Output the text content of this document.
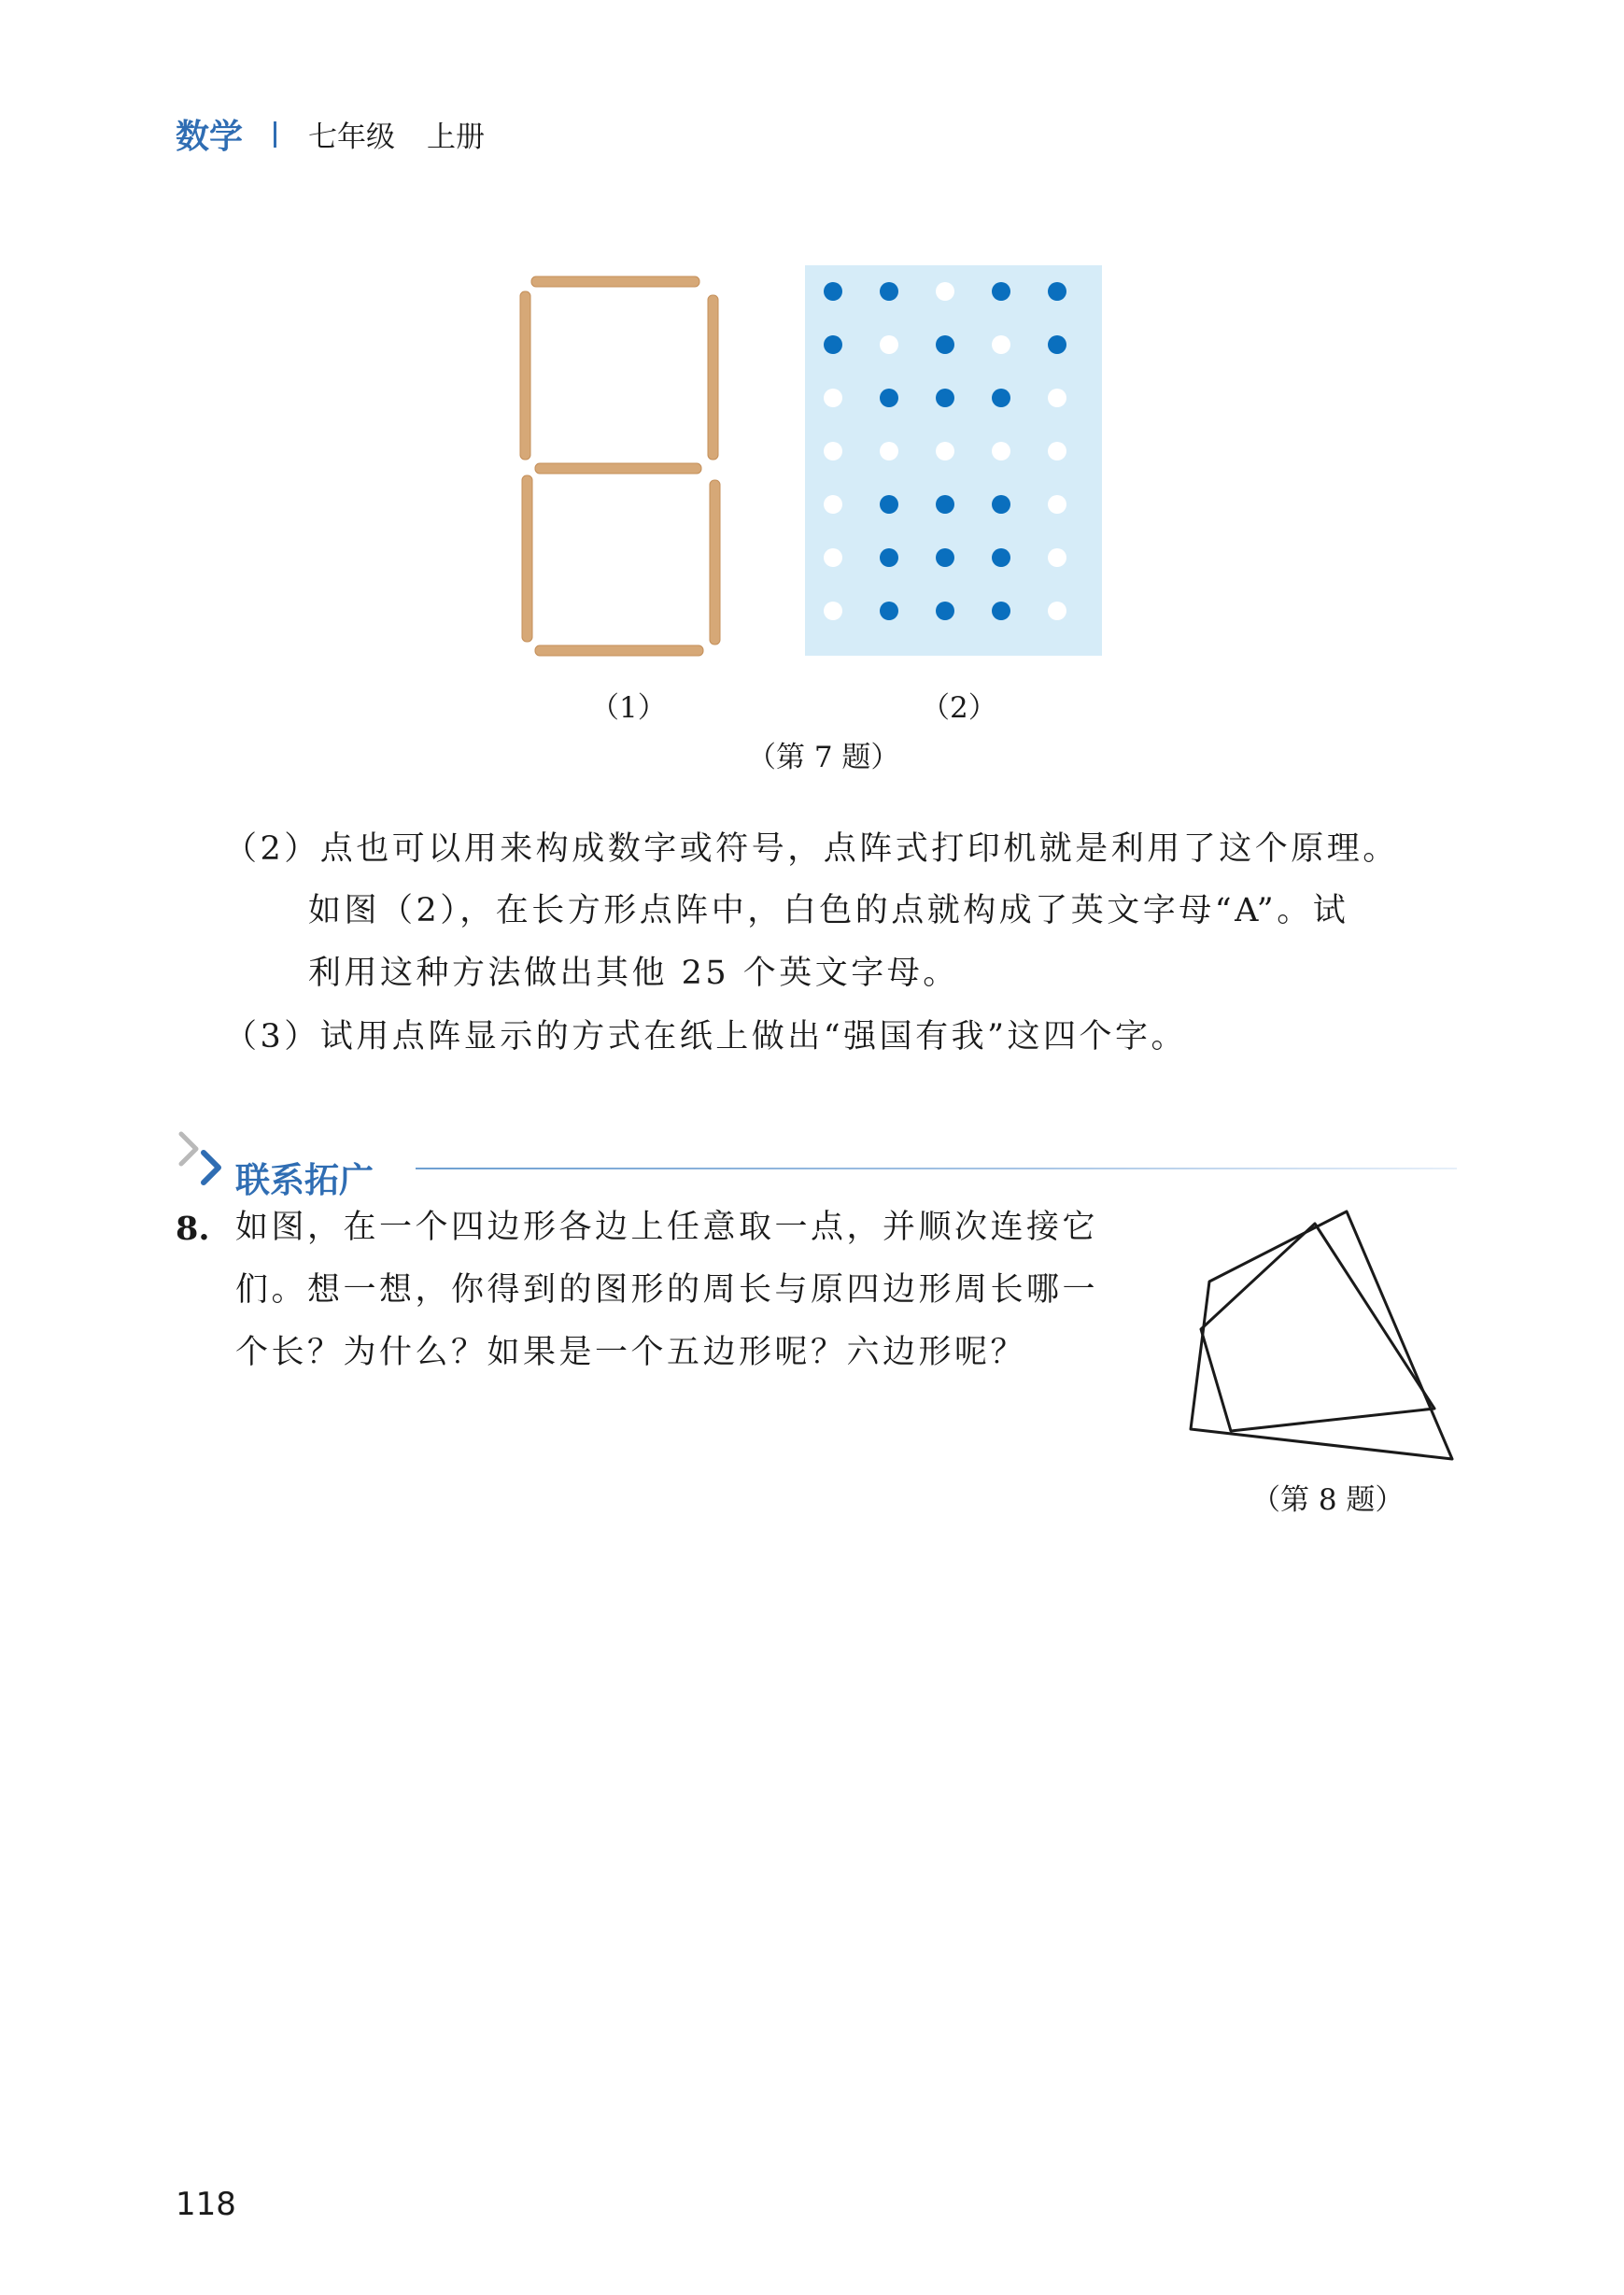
数学 七年级 上册
（1）	（2）
（第 7 题）
（2）点也可以用来构成数字或符号，点阵式打印机就是利用了这个原理。
如图（2），在长方形点阵中，白色的点就构成了英文字母“A”。试
利用这种方法做出其他 25 个英文字母。
（3）试用点阵显示的方式在纸上做出“强国有我”这四个字。
联系拓广
8. 如图，在一个四边形各边上任意取一点，并顺次连接它
们。想一想，你得到的图形的周长与原四边形周长哪一
个长？为什么？如果是一个五边形呢？六边形呢？
（第 8 题）
118
